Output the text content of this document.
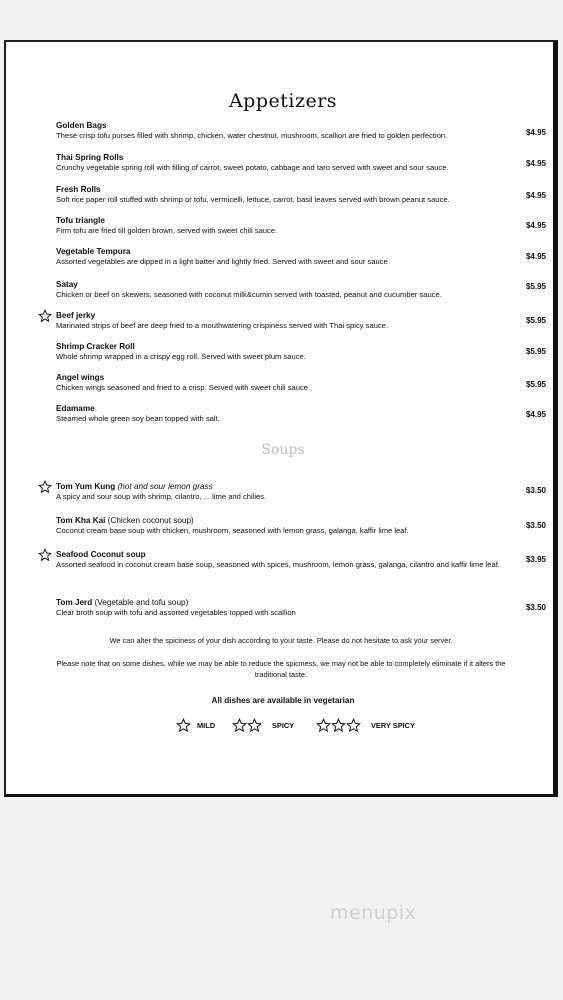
Appetizers
Golden Bags
$4.95
These crisp tofu purses filled with shrimp, chicken, water chestnut, mushroom, scallion are fried to golden perfection.
Thai Spring Rolls
$4.95
Crunchy vegetable spring roll with filling of carrot, sweet potato, cabbage and taro served with sweet and sour sauce.
Fresh Rolls
$4.95
Soft rice paper roll stuffed with shrimp or tofu, vermicelli, lettuce, carrot, basil leaves served with brown peanut sauce.
Tofu triangle
$4.95
Firm tofu are fried till golden brown, served with sweet chili sauce.
Vegetable Tempura
$4.95
Assorted vegetables are dipped in a light batter and lightly fried. Served with sweet and sour sauce
Satay	$5.95
Chicken or beef on skewers, seasoned with coconut milk&cumin served with toasted, peanut and cucumber sauce.
Beef jerky
$5.95
Marinated strips of beef are deep fried to a mouthwatering crispiness served with Thai spicy sauce.
Shrimp Cracker Roll
$5.95
Whole shrimp wrapped in a crispy egg roll. Served with sweet plum sauce.
Angel wings
$5.95
Chicken wings seasoned and fried to a crisp. Served with sweet chili sauce.
Edamame
$4.95
Steamed whole green soy bean topped with salt.
Soups
Tom Yum Kung (hot and sour lemon grass	$3.50
A spicy and sour soup with shrimp, cilantro, ... lime and chilies.
Tom Kha Kai (Chicken coconut soup)
$3.50
Coconut cream base soup with chicken, mushroom, seasoned with lemon grass, galanga, kaffir lime leaf.
Seafood Coconut soup
$3.95
Assorted seafood in coconut cream base soup, seasoned with spices, mushroom, lemon grass, galanga, cilantro and kaffir lime leaf.
Tom Jerd (Vegetable and tofu soup)
$3.50
Clear broth soup with tofu and assorted vegetables topped with scallion
We can alter the spiciness of your dish according to your taste. Please do not hesitate to ask your server.
Please note that on some dishes, while we may be able to reduce the spiciness, we may not be able to completely eliminate if it alters the traditional taste.
All dishes are available in vegetarian
MILD	SPICY	VERY SPICY
menupix
